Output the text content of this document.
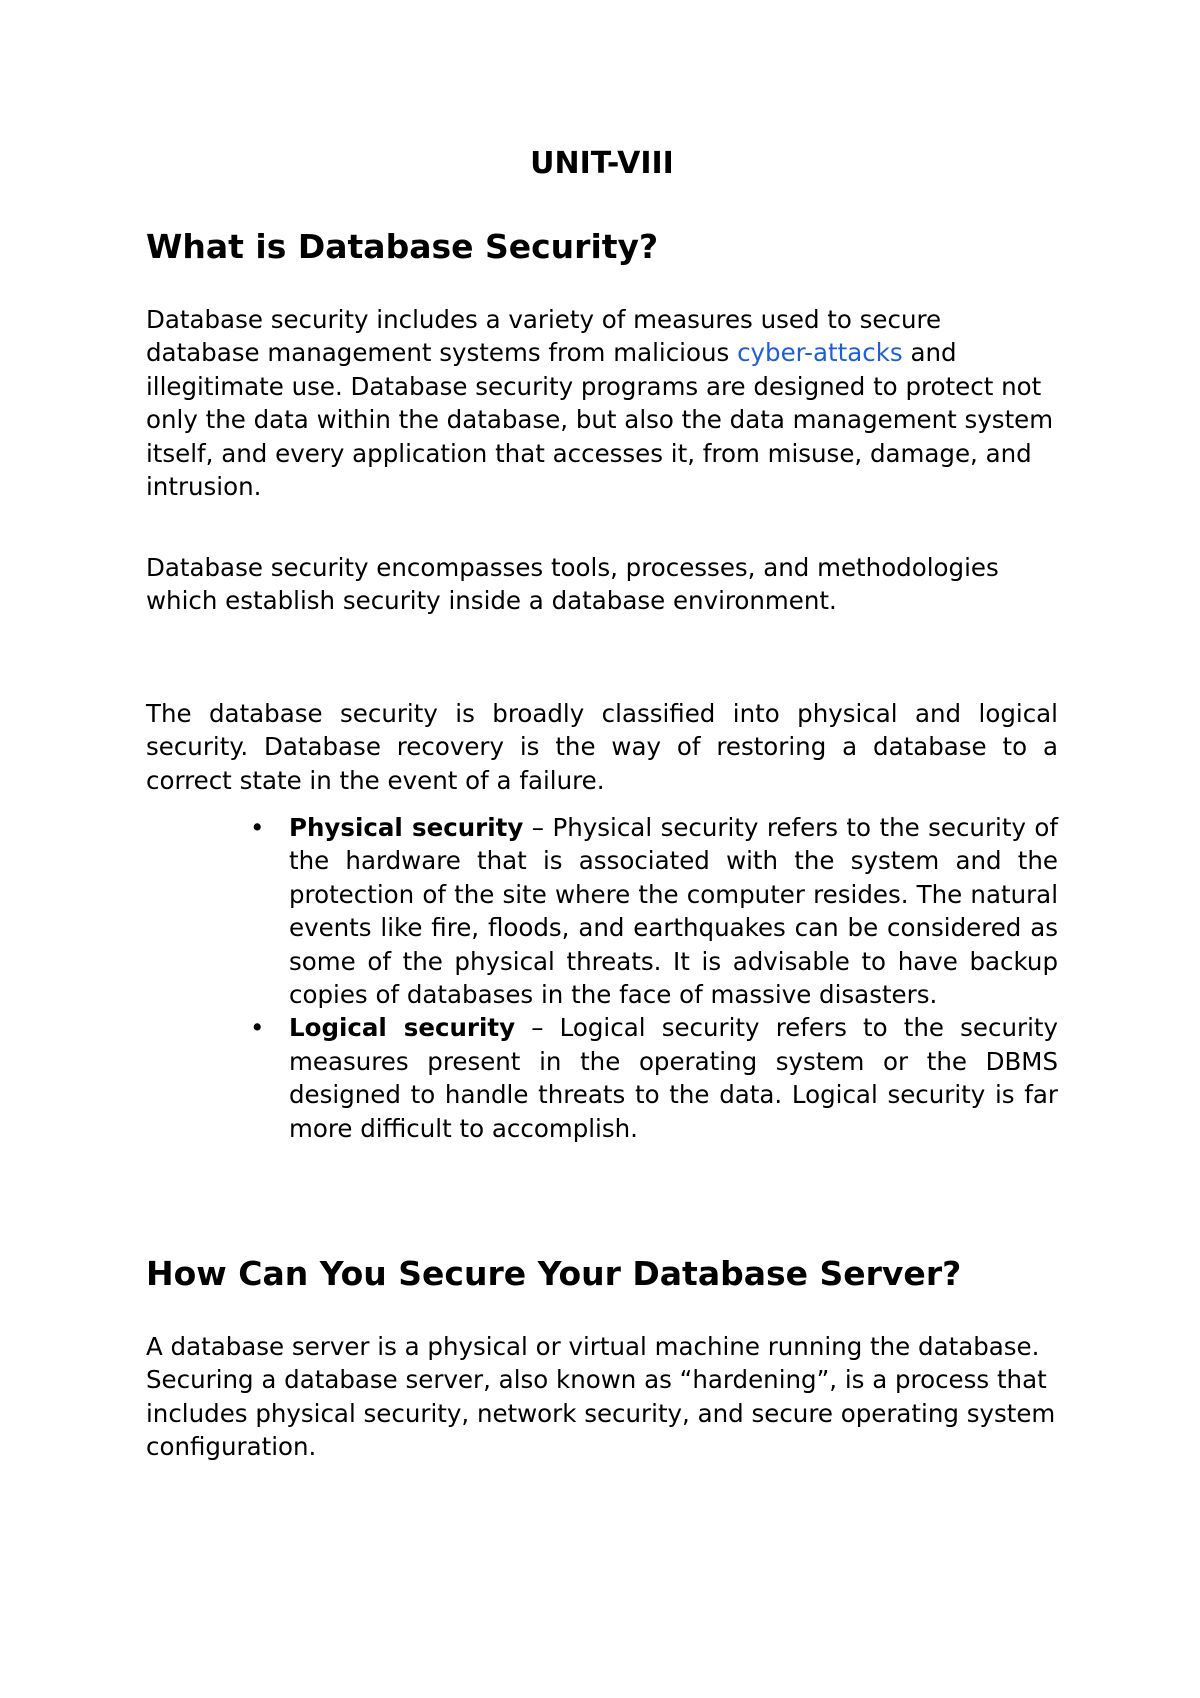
UNIT-VIII
What is Database Security?

Database security includes a variety of measures used to secure database management systems from malicious cyber-attacks and illegitimate use. Database security programs are designed to protect not only the data within the database, but also the data management system itself, and every application that accesses it, from misuse, damage, and intrusion.

Database security encompasses tools, processes, and methodologies which establish security inside a database environment.

The database security is broadly classified into physical and logical security. Database recovery is the way of restoring a database to a correct state in the event of a failure.

• Physical security – Physical security refers to the security of the hardware that is associated with the system and the protection of the site where the computer resides. The natural events like fire, floods, and earthquakes can be considered as some of the physical threats. It is advisable to have backup copies of databases in the face of massive disasters.
• Logical security – Logical security refers to the security measures present in the operating system or the DBMS designed to handle threats to the data. Logical security is far more difficult to accomplish.
How Can You Secure Your Database Server?

A database server is a physical or virtual machine running the database. Securing a database server, also known as “hardening”, is a process that includes physical security, network security, and secure operating system configuration.
